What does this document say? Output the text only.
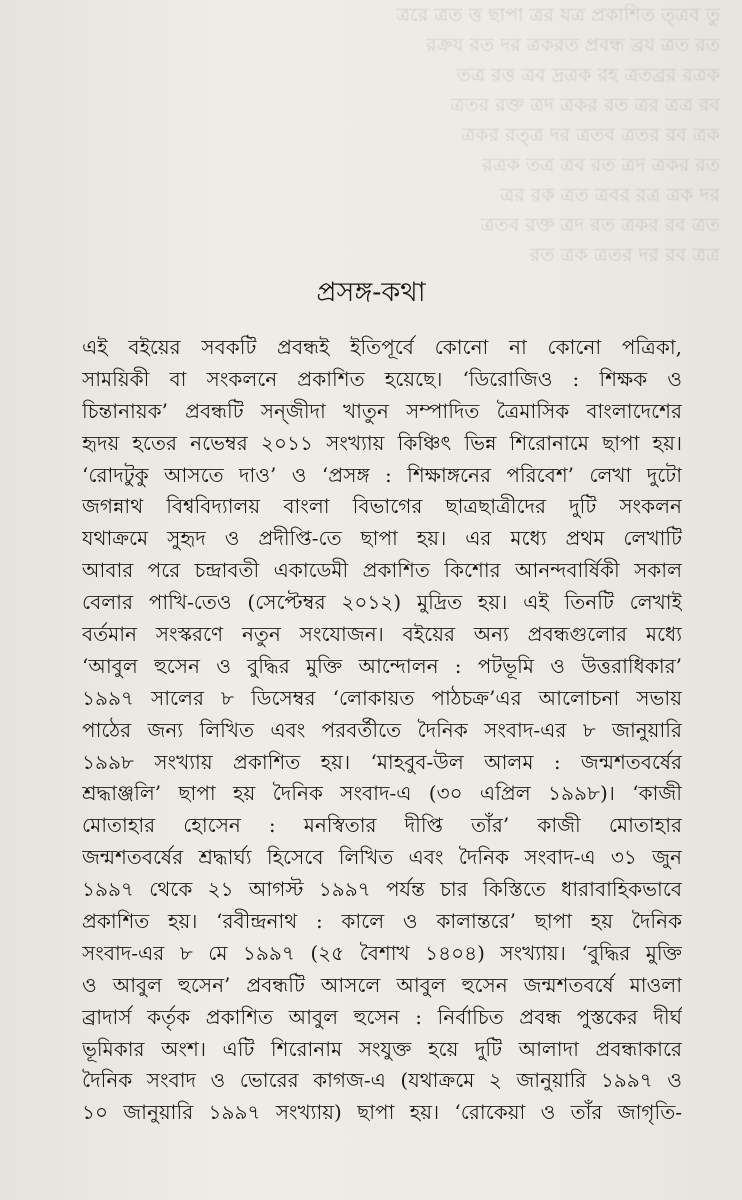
ত্ররে ত্রত ত্ত ছাপা ত্রর যত্র প্রকাশিত ত্ত্রব তু
রক্রয রত দর ত্রকরত প্রবন্ধ ব্রয ত্রত রত
তত্র রত্ত ত্রব দ্রত্রক রহ ত্রতব্রর রত্রক
ত্রতর রক্ত ত্রদ ত্রকর রত ত্রর ত্রত্র রব
ত্রকর রত্ত্র দর ত্রতব ত্রতর রব ত্রক
রত্রক তত্র ত্রব রত ত্রদ ত্রকর রত
ত্রর রক ত্রত ত্রবর রত্র ত্রক দর
ত্রতব রক্ত ত্রদ রত ত্রকর রব ত্রত
রত ত্রক ত্রতর দর রব ত্রত্র
প্রসঙ্গ-কথা
এই বইয়ের সবকটি প্রবন্ধই ইতিপূর্বে কোনো না কোনো পত্রিকা,
সাময়িকী বা সংকলনে প্রকাশিত হয়েছে। ‘ডিরোজিও : শিক্ষক ও
চিন্তানায়ক’ প্রবন্ধটি সন্‌জীদা খাতুন সম্পাদিত ত্রৈমাসিক বাংলাদেশের
হৃদয় হতের নভেম্বর ২০১১ সংখ্যায় কিঞ্চিৎ ভিন্ন শিরোনামে ছাপা হয়।
‘রোদটুকু আসতে দাও’ ও ‘প্রসঙ্গ : শিক্ষাঙ্গনের পরিবেশ’ লেখা দুটো
জগন্নাথ বিশ্ববিদ্যালয় বাংলা বিভাগের ছাত্রছাত্রীদের দুটি সংকলন
যথাক্রমে সুহৃদ ও প্রদীপ্তি-তে ছাপা হয়। এর মধ্যে প্রথম লেখাটি
আবার পরে চন্দ্রাবতী একাডেমী প্রকাশিত কিশোর আনন্দবার্ষিকী সকাল
বেলার পাখি-তেও (সেপ্টেম্বর ২০১২) মুদ্রিত হয়। এই তিনটি লেখাই
বর্তমান সংস্করণে নতুন সংযোজন। বইয়ের অন্য প্রবন্ধগুলোর মধ্যে
‘আবুল হুসেন ও বুদ্ধির মুক্তি আন্দোলন : পটভূমি ও উত্তরাধিকার’
১৯৯৭ সালের ৮ ডিসেম্বর ‘লোকায়ত পাঠচক্র’এর আলোচনা সভায়
পাঠের জন্য লিখিত এবং পরবর্তীতে দৈনিক সংবাদ-এর ৮ জানুয়ারি
১৯৯৮ সংখ্যায় প্রকাশিত হয়। ‘মাহবুব-উল আলম : জন্মশতবর্ষের
শ্রদ্ধাঞ্জলি’ ছাপা হয় দৈনিক সংবাদ-এ (৩০ এপ্রিল ১৯৯৮)। ‘কাজী
মোতাহার হোসেন : মনস্বিতার দীপ্তি তাঁর’ কাজী মোতাহার
জন্মশতবর্ষের শ্রদ্ধার্ঘ্য হিসেবে লিখিত এবং দৈনিক সংবাদ-এ ৩১ জুন
১৯৯৭ থেকে ২১ আগস্ট ১৯৯৭ পর্যন্ত চার কিস্তিতে ধারাবাহিকভাবে
প্রকাশিত হয়। ‘রবীন্দ্রনাথ : কালে ও কালান্তরে’ ছাপা হয় দৈনিক
সংবাদ-এর ৮ মে ১৯৯৭ (২৫ বৈশাখ ১৪০৪) সংখ্যায়। ‘বুদ্ধির মুক্তি
ও আবুল হুসেন’ প্রবন্ধটি আসলে আবুল হুসেন জন্মশতবর্ষে মাওলা
ব্রাদার্স কর্তৃক প্রকাশিত আবুল হুসেন : নির্বাচিত প্রবন্ধ পুস্তকের দীর্ঘ
ভূমিকার অংশ। এটি শিরোনাম সংযুক্ত হয়ে দুটি আলাদা প্রবন্ধাকারে
দৈনিক সংবাদ ও ভোরের কাগজ-এ (যথাক্রমে ২ জানুয়ারি ১৯৯৭ ও
১০ জানুয়ারি ১৯৯৭ সংখ্যায়) ছাপা হয়। ‘রোকেয়া ও তাঁর জাগৃতি-
